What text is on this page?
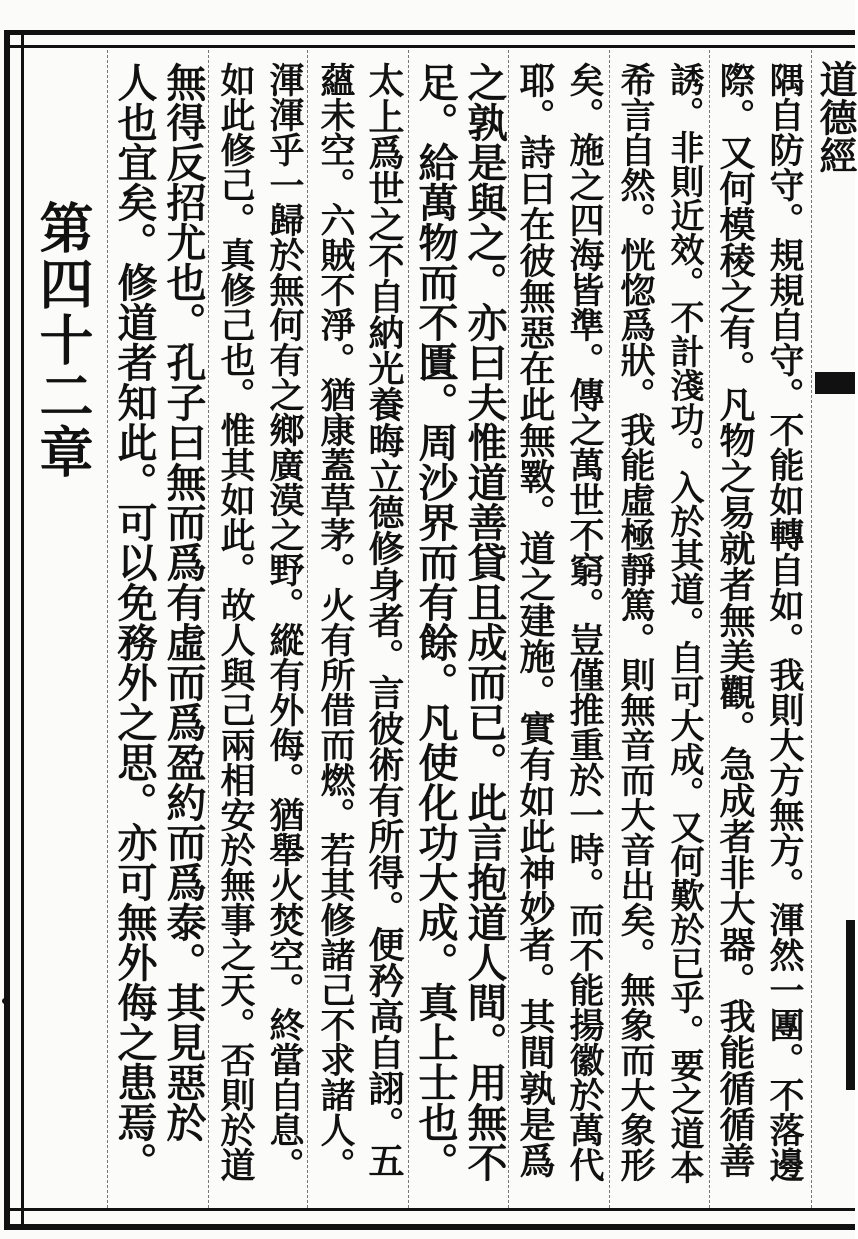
道德經
隅自防守。規規自守。不能如轉自如。我則大方無方。渾然一團。不落邊
際。又何模稜之有。凡物之易就者無美觀。急成者非大器。我能循循善
誘。非則近效。不計淺功。入於其道。自可大成。又何歎於已乎。要之道本
希言自然。恍惚爲狀。我能虛極靜篤。則無音而大音出矣。無象而大象形
矣。施之四海皆準。傳之萬世不窮。豈僅推重於一時。而不能揚徽於萬代
耶。詩曰在彼無惡在此無斁。道之建施。實有如此神妙者。其間孰是爲
之孰是與之。亦曰夫惟道善貸且成而已。此言抱道人間。用無不
足。給萬物而不匱。周沙界而有餘。凡使化功大成。真上士也。
太上爲世之不自納光養晦立德修身者。言彼術有所得。便矜高自詡。五
蘊未空。六賊不淨。猶康蓋草茅。火有所借而燃。若其修諸己不求諸人。
渾渾乎一歸於無何有之鄉廣漠之野。縱有外侮。猶舉火焚空。終當自息。
如此修己。真修己也。惟其如此。故人與己兩相安於無事之天。否則於道
無得反招尤也。孔子曰無而爲有虛而爲盈約而爲泰。其見惡於
人也宜矣。修道者知此。可以免務外之思。亦可無外侮之患焉。
第四十二章
